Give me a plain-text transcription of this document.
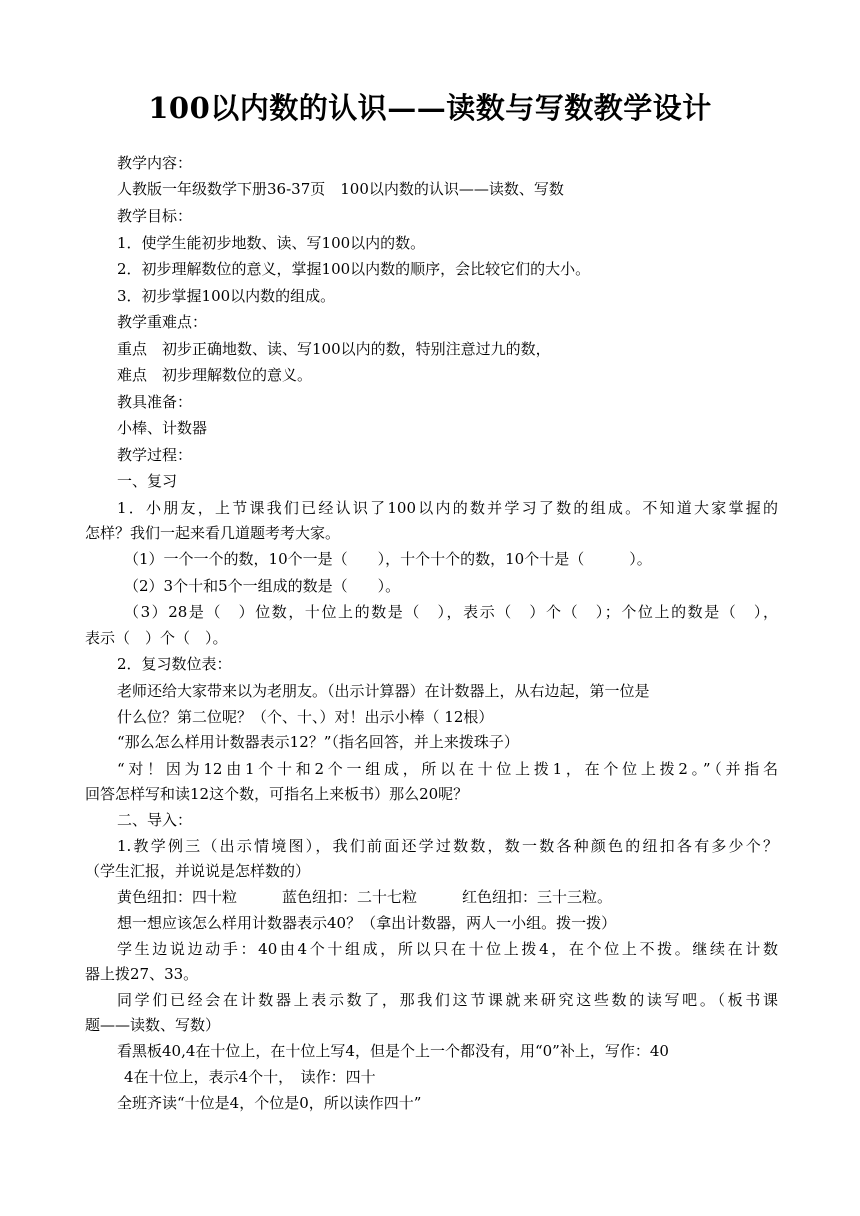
100以内数的认识——读数与写数教学设计
教学内容：
人教版一年级数学下册36-37页　100以内数的认识——读数、写数
教学目标：
1．使学生能初步地数、读、写100以内的数。
2．初步理解数位的意义，掌握100以内数的顺序，会比较它们的大小。
3．初步掌握100以内数的组成。
教学重难点：
重点　初步正确地数、读、写100以内的数，特别注意过九的数，
难点　初步理解数位的意义。
教具准备：
小棒、计数器
教学过程：
一、复习
1．小朋友，上节课我们已经认识了100以内的数并学习了数的组成。不知道大家掌握的
怎样？我们一起来看几道题考考大家。
（1）一个一个的数，10个一是（　　），十个十个的数，10个十是（　　　）。
（2）3个十和5个一组成的数是（　　）。
（3）28是（　）位数，十位上的数是（　），表示（　）个（　）；个位上的数是（　），
表示（　）个（　）。
2．复习数位表：
老师还给大家带来以为老朋友。（出示计算器）在计数器上，从右边起，第一位是
什么位？第二位呢？（个、十、）对！出示小棒（ 12根）
“那么怎么样用计数器表示12？”（指名回答，并上来拨珠子）
“对！因为12由1个十和2个一组成，所以在十位上拨1，在个位上拨2。”（并指名
回答怎样写和读12这个数，可指名上来板书）那么20呢？
二、导入：
1.教学例三（出示情境图），我们前面还学过数数，数一数各种颜色的纽扣各有多少个？
（学生汇报，并说说是怎样数的）
黄色纽扣：四十粒　　　蓝色纽扣：二十七粒　　　红色纽扣：三十三粒。
想一想应该怎么样用计数器表示40？（拿出计数器，两人一小组。拨一拨）
学生边说边动手：40由4个十组成，所以只在十位上拨4，在个位上不拨。继续在计数
器上拨27、33。
同学们已经会在计数器上表示数了，那我们这节课就来研究这些数的读写吧。（板书课
题——读数、写数）
看黑板40,4在十位上，在十位上写4，但是个上一个都没有，用“0”补上，写作：40
4在十位上，表示4个十，　读作：四十
全班齐读“十位是4，个位是0，所以读作四十”
